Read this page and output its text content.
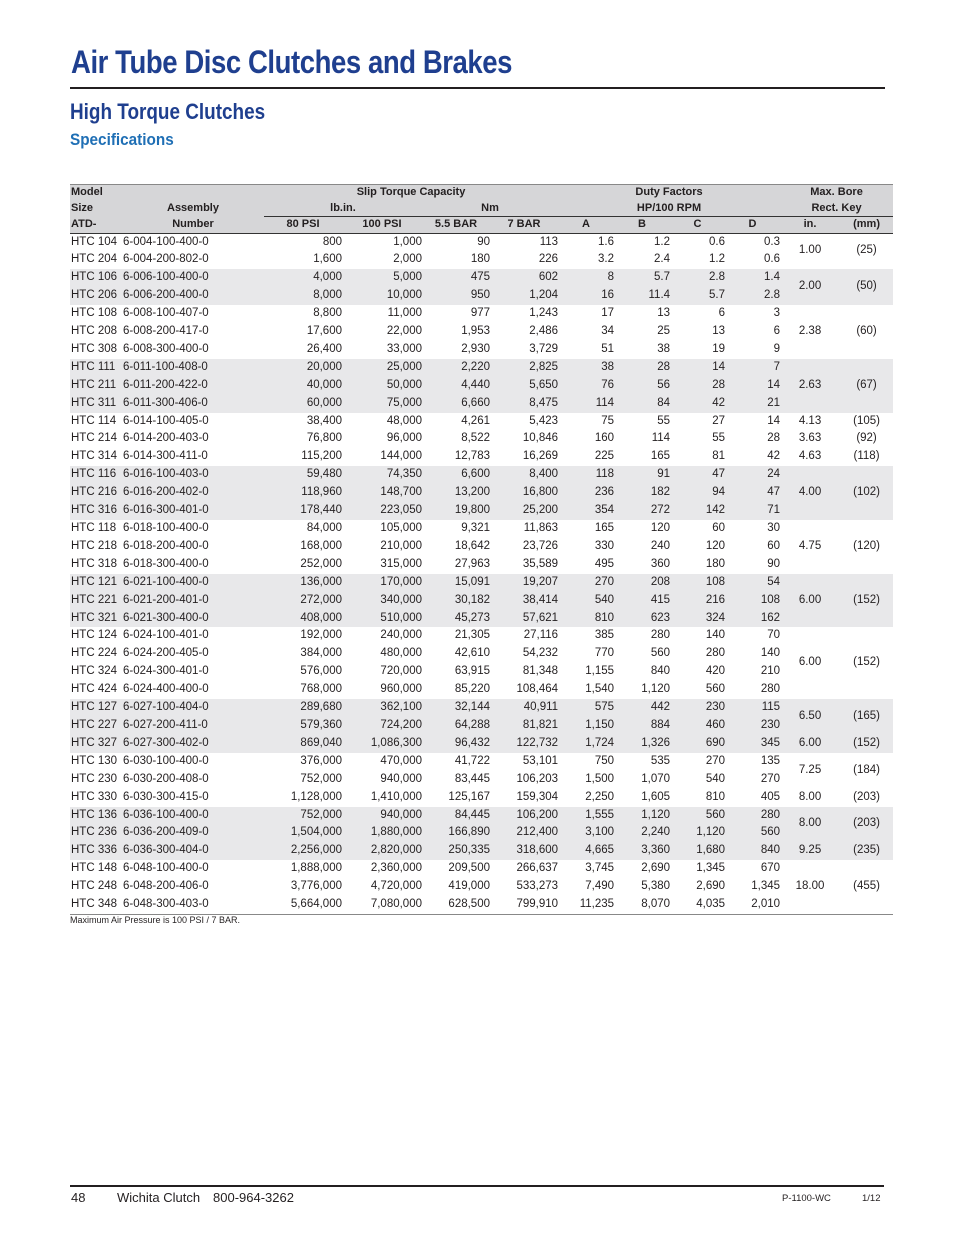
Air Tube Disc Clutches and Brakes
High Torque Clutches
Specifications
Model		Slip Torque Capacity				Duty Factors				Max. Bore	
Size	Assembly	lb.in.		Nm		HP/100 RPM				Rect. Key	
ATD-	Number	80 PSI	100 PSI	5.5 BAR	7 BAR	A	B	C	D	in.	(mm)
HTC 104	6-004-100-400-0	800	1,000	90	113	1.6	1.2	0.6	0.3	1.00	(25)
HTC 204	6-004-200-802-0	1,600	2,000	180	226	3.2	2.4	1.2	0.6		
HTC 106	6-006-100-400-0	4,000	5,000	475	602	8	5.7	2.8	1.4	2.00	(50)
HTC 206	6-006-200-400-0	8,000	10,000	950	1,204	16	11.4	5.7	2.8		
HTC 108	6-008-100-407-0	8,800	11,000	977	1,243	17	13	6	3	2.38	(60)
HTC 208	6-008-200-417-0	17,600	22,000	1,953	2,486	34	25	13	6		
HTC 308	6-008-300-400-0	26,400	33,000	2,930	3,729	51	38	19	9		
HTC 111	6-011-100-408-0	20,000	25,000	2,220	2,825	38	28	14	7	2.63	(67)
HTC 211	6-011-200-422-0	40,000	50,000	4,440	5,650	76	56	28	14		
HTC 311	6-011-300-406-0	60,000	75,000	6,660	8,475	114	84	42	21		
HTC 114	6-014-100-405-0	38,400	48,000	4,261	5,423	75	55	27	14	4.13	(105)
HTC 214	6-014-200-403-0	76,800	96,000	8,522	10,846	160	114	55	28	3.63	(92)
HTC 314	6-014-300-411-0	115,200	144,000	12,783	16,269	225	165	81	42	4.63	(118)
HTC 116	6-016-100-403-0	59,480	74,350	6,600	8,400	118	91	47	24	4.00	(102)
HTC 216	6-016-200-402-0	118,960	148,700	13,200	16,800	236	182	94	47		
HTC 316	6-016-300-401-0	178,440	223,050	19,800	25,200	354	272	142	71		
HTC 118	6-018-100-400-0	84,000	105,000	9,321	11,863	165	120	60	30	4.75	(120)
HTC 218	6-018-200-400-0	168,000	210,000	18,642	23,726	330	240	120	60		
HTC 318	6-018-300-400-0	252,000	315,000	27,963	35,589	495	360	180	90		
HTC 121	6-021-100-400-0	136,000	170,000	15,091	19,207	270	208	108	54	6.00	(152)
HTC 221	6-021-200-401-0	272,000	340,000	30,182	38,414	540	415	216	108		
HTC 321	6-021-300-400-0	408,000	510,000	45,273	57,621	810	623	324	162		
HTC 124	6-024-100-401-0	192,000	240,000	21,305	27,116	385	280	140	70	6.00	(152)
HTC 224	6-024-200-405-0	384,000	480,000	42,610	54,232	770	560	280	140		
HTC 324	6-024-300-401-0	576,000	720,000	63,915	81,348	1,155	840	420	210		
HTC 424	6-024-400-400-0	768,000	960,000	85,220	108,464	1,540	1,120	560	280		
HTC 127	6-027-100-404-0	289,680	362,100	32,144	40,911	575	442	230	115	6.50	(165)
HTC 227	6-027-200-411-0	579,360	724,200	64,288	81,821	1,150	884	460	230		
HTC 327	6-027-300-402-0	869,040	1,086,300	96,432	122,732	1,724	1,326	690	345	6.00	(152)
HTC 130	6-030-100-400-0	376,000	470,000	41,722	53,101	750	535	270	135	7.25	(184)
HTC 230	6-030-200-408-0	752,000	940,000	83,445	106,203	1,500	1,070	540	270		
HTC 330	6-030-300-415-0	1,128,000	1,410,000	125,167	159,304	2,250	1,605	810	405	8.00	(203)
HTC 136	6-036-100-400-0	752,000	940,000	84,445	106,200	1,555	1,120	560	280	8.00	(203)
HTC 236	6-036-200-409-0	1,504,000	1,880,000	166,890	212,400	3,100	2,240	1,120	560		
HTC 336	6-036-300-404-0	2,256,000	2,820,000	250,335	318,600	4,665	3,360	1,680	840	9.25	(235)
HTC 148	6-048-100-400-0	1,888,000	2,360,000	209,500	266,637	3,745	2,690	1,345	670	18.00	(455)
HTC 248	6-048-200-406-0	3,776,000	4,720,000	419,000	533,273	7,490	5,380	2,690	1,345		
HTC 348	6-048-300-403-0	5,664,000	7,080,000	628,500	799,910	11,235	8,070	4,035	2,010		

Maximum Air Pressure is 100 PSI / 7 BAR.

48 Wichita Clutch 800-964-3262	P-1100-WC	1/12
